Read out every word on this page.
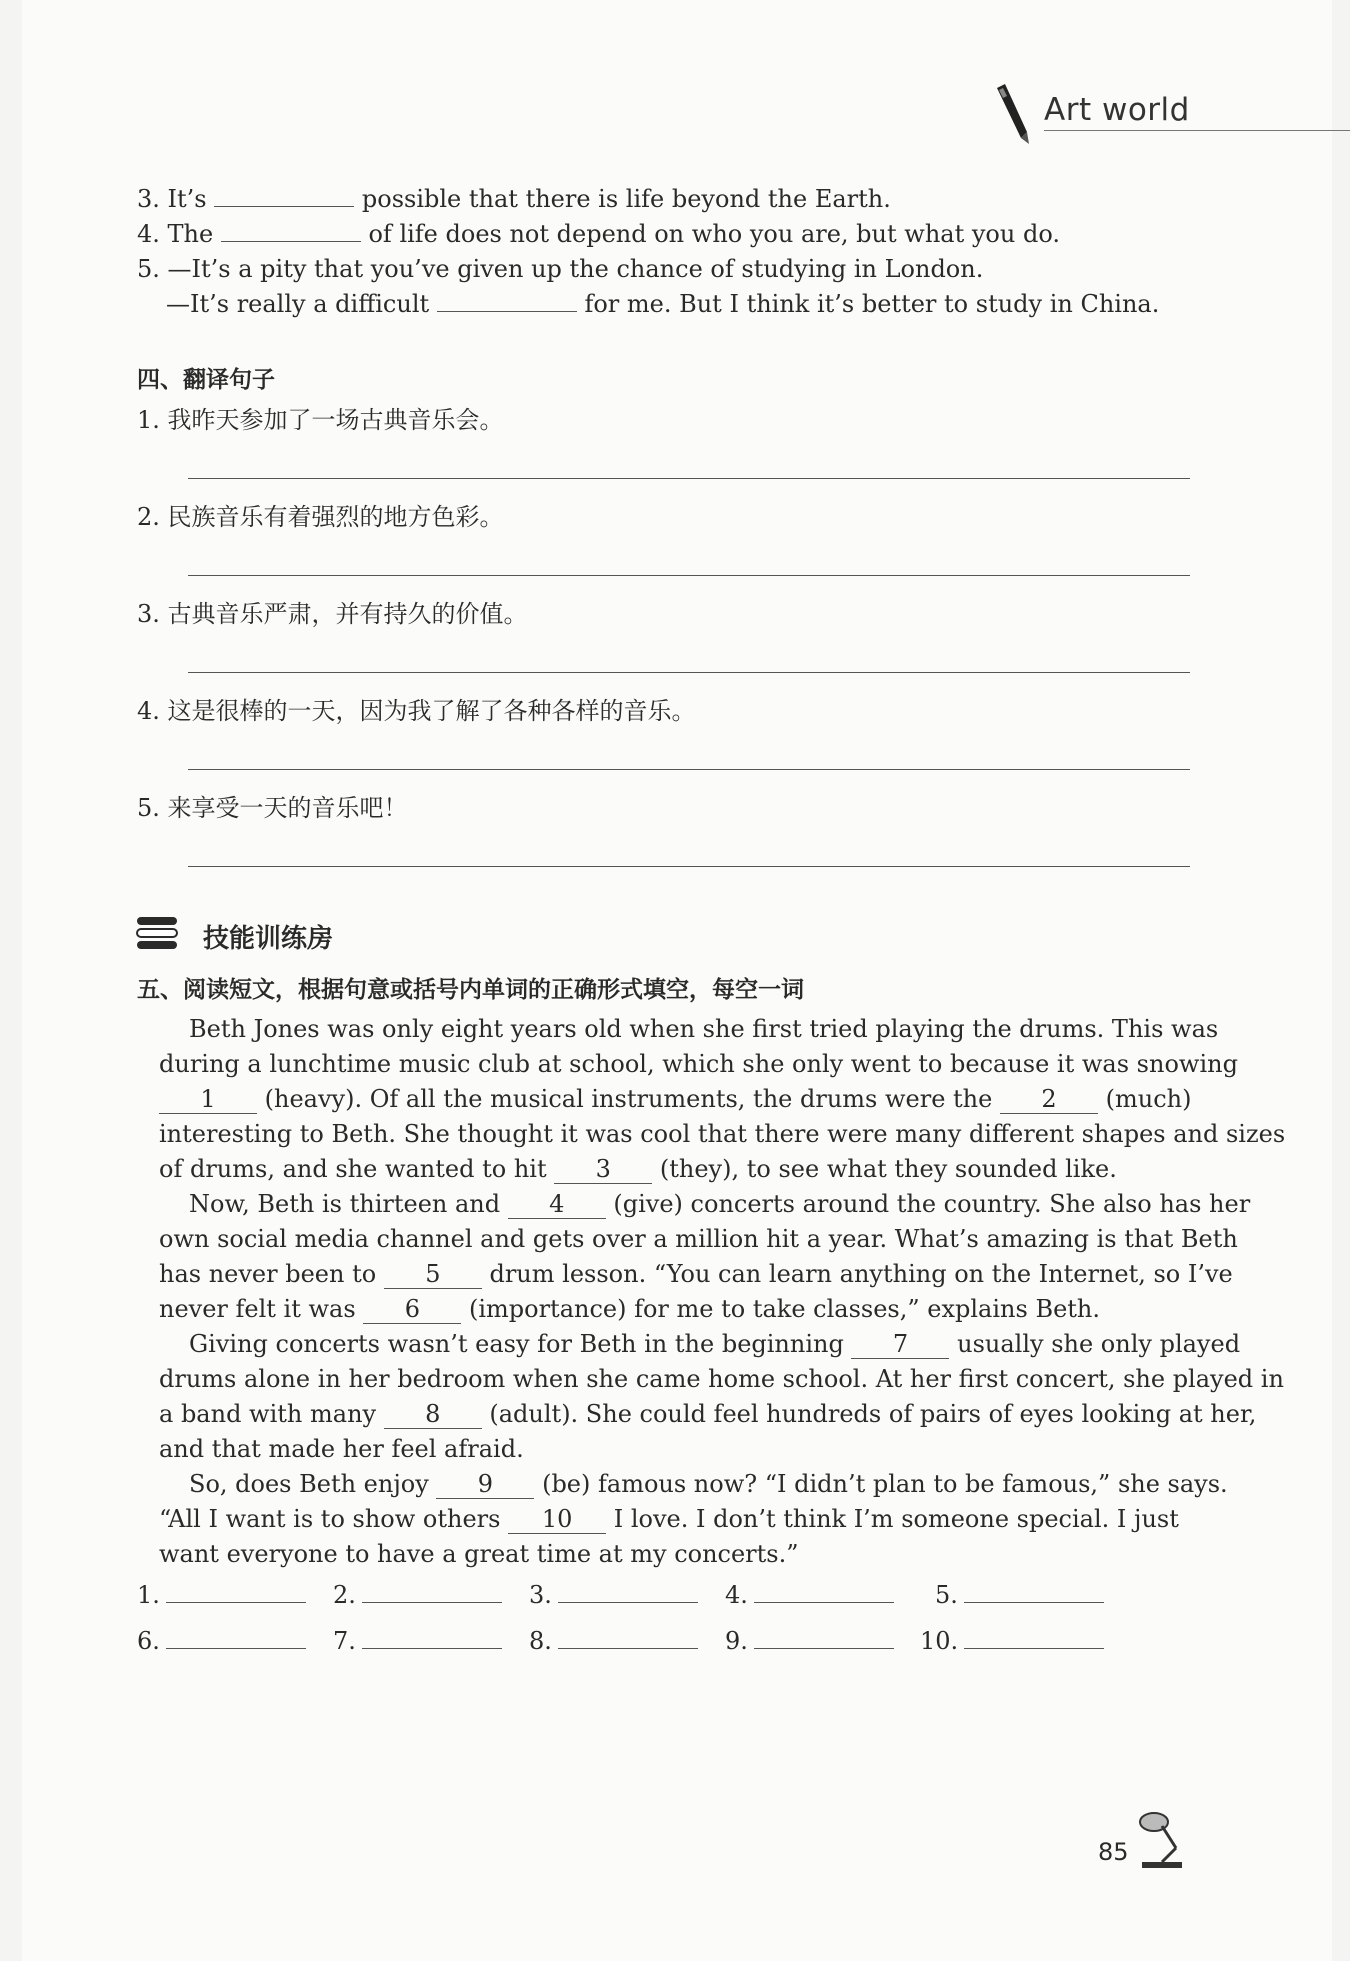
Art world
3. It’s	possible that there is life beyond the Earth.
4. The	of life does not depend on who you are, but what you do.
5. —It’s a pity that you’ve given up the chance of studying in London.
—It’s really a difficult	for me. But I think it’s better to study in China.
四、翻译句子
1. 我昨天参加了一场古典音乐会。
2. 民族音乐有着强烈的地方色彩。
3. 古典音乐严肃，并有持久的价值。
4. 这是很棒的一天，因为我了解了各种各样的音乐。
5. 来享受一天的音乐吧！
技能训练房
五、阅读短文，根据句意或括号内单词的正确形式填空，每空一词
Beth Jones was only eight years old when she first tried playing the drums. This was
during a lunchtime music club at school, which she only went to because it was snowing
1 (heavy). Of all the musical instruments, the drums were the 2 (much)
interesting to Beth. She thought it was cool that there were many different shapes and sizes
of drums, and she wanted to hit 3 (they), to see what they sounded like.
Now, Beth is thirteen and 4 (give) concerts around the country. She also has her
own social media channel and gets over a million hit a year. What’s amazing is that Beth
has never been to 5 drum lesson. “You can learn anything on the Internet, so I’ve
never felt it was 6 (importance) for me to take classes,” explains Beth.
Giving concerts wasn’t easy for Beth in the beginning 7 usually she only played
drums alone in her bedroom when she came home school. At her first concert, she played in
a band with many 8 (adult). She could feel hundreds of pairs of eyes looking at her,
and that made her feel afraid.
So, does Beth enjoy 9 (be) famous now? “I didn’t plan to be famous,” she says.
“All I want is to show others 10 I love. I don’t think I’m someone special. I just
want everyone to have a great time at my concerts.”
1.	2.	3.	4.	5.
6.	7.	8.	9.	10.
85
